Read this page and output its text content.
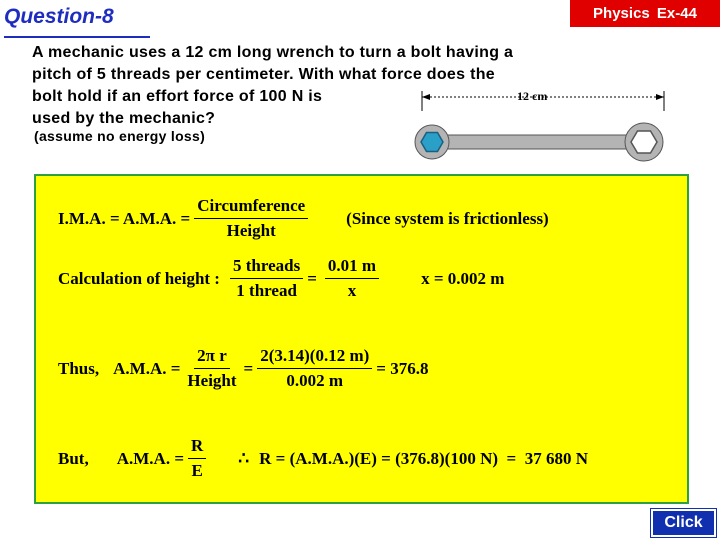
Question-8	Physics Ex-44
A mechanic uses a 12 cm long wrench to turn a bolt having a
pitch of 5 threads per centimeter. With what force does the
bolt hold if an effort force of 100 N is
used by the mechanic?
(assume no energy loss)
12 cm
I.M.A. = A.M.A. = $\frac{\text{Circumference}}{\text{Height}}$ (Since system is frictionless)
Calculation of height : $\frac{\text{5 threads}}{\text{1 thread}} = \frac{0.01 m}{x}$ x = 0.002 m
Thus, A.M.A. = $\frac{\text{2π r}}{\text{Height}} = \frac{2(3.14)(0.12 m)}{0.002 m} = 376.8$
But, A.M.A. = $\frac{R}{E}$ ∴ R = (A.M.A.)(E) = (376.8)(100 N)  =  37 680 N
Click
